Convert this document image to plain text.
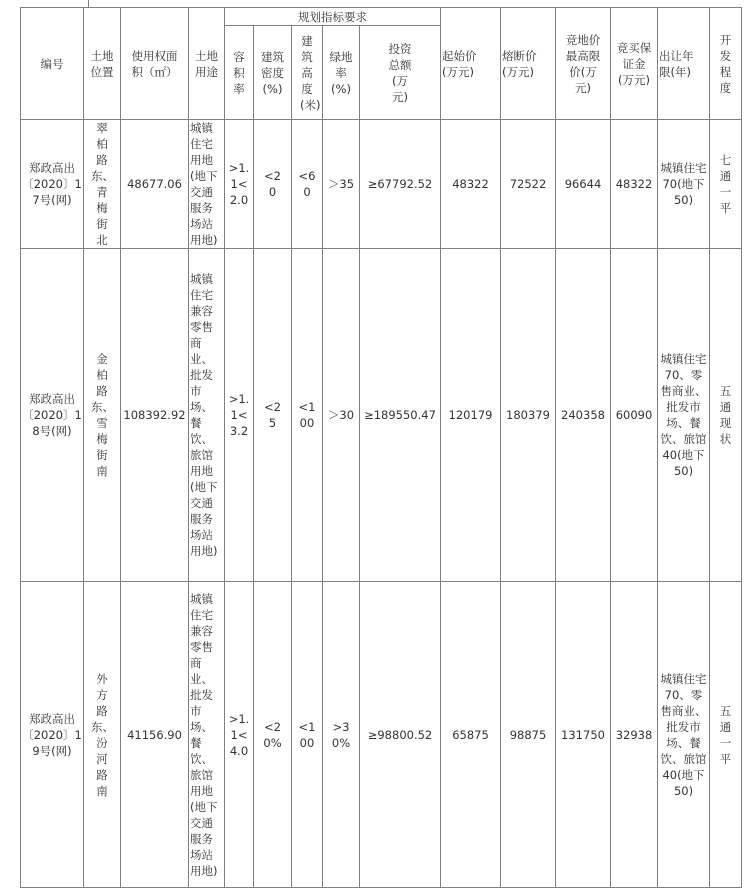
编号	土地位置	使用权面积（㎡）	土地用途	规划指标要求					起始价(万元)	熔断价(万元)	竞地价最高限价(万元)	竞买保证金(万元)	出让年限(年)	开发程度
				容积率	建筑密度(%)	建筑高度(米)	绿地率(%)	投资总额(万元)						
郑政高出〔2020〕17号(网)	翠柏路东、青梅街北	48677.06	城镇住宅用地(地下交通服务场站用地)	>1.1<2.0	<20	<60	＞35	≥67792.52	48322	72522	96644	48322	城镇住宅70(地下50)	七通一平
郑政高出〔2020〕18号(网)	金柏路东、雪梅街南	108392.92	城镇住宅兼容零售商业、批发市场、餐饮、旅馆用地(地下交通服务场站用地)	>1.1<3.2	<25	<100	＞30	≥189550.47	120179	180379	240358	60090	城镇住宅70、零售商业、批发市场、餐饮、旅馆40(地下50)	五通现状
郑政高出〔2020〕19号(网)	外方路东、汾河路南	41156.90	城镇住宅兼容零售商业、批发市场、餐饮、旅馆用地(地下交通服务场站用地)	>1.1<4.0	<20%	<100	>30%	≥98800.52	65875	98875	131750	32938	城镇住宅70、零售商业、批发市场、餐饮、旅馆40(地下50)	五通一平
